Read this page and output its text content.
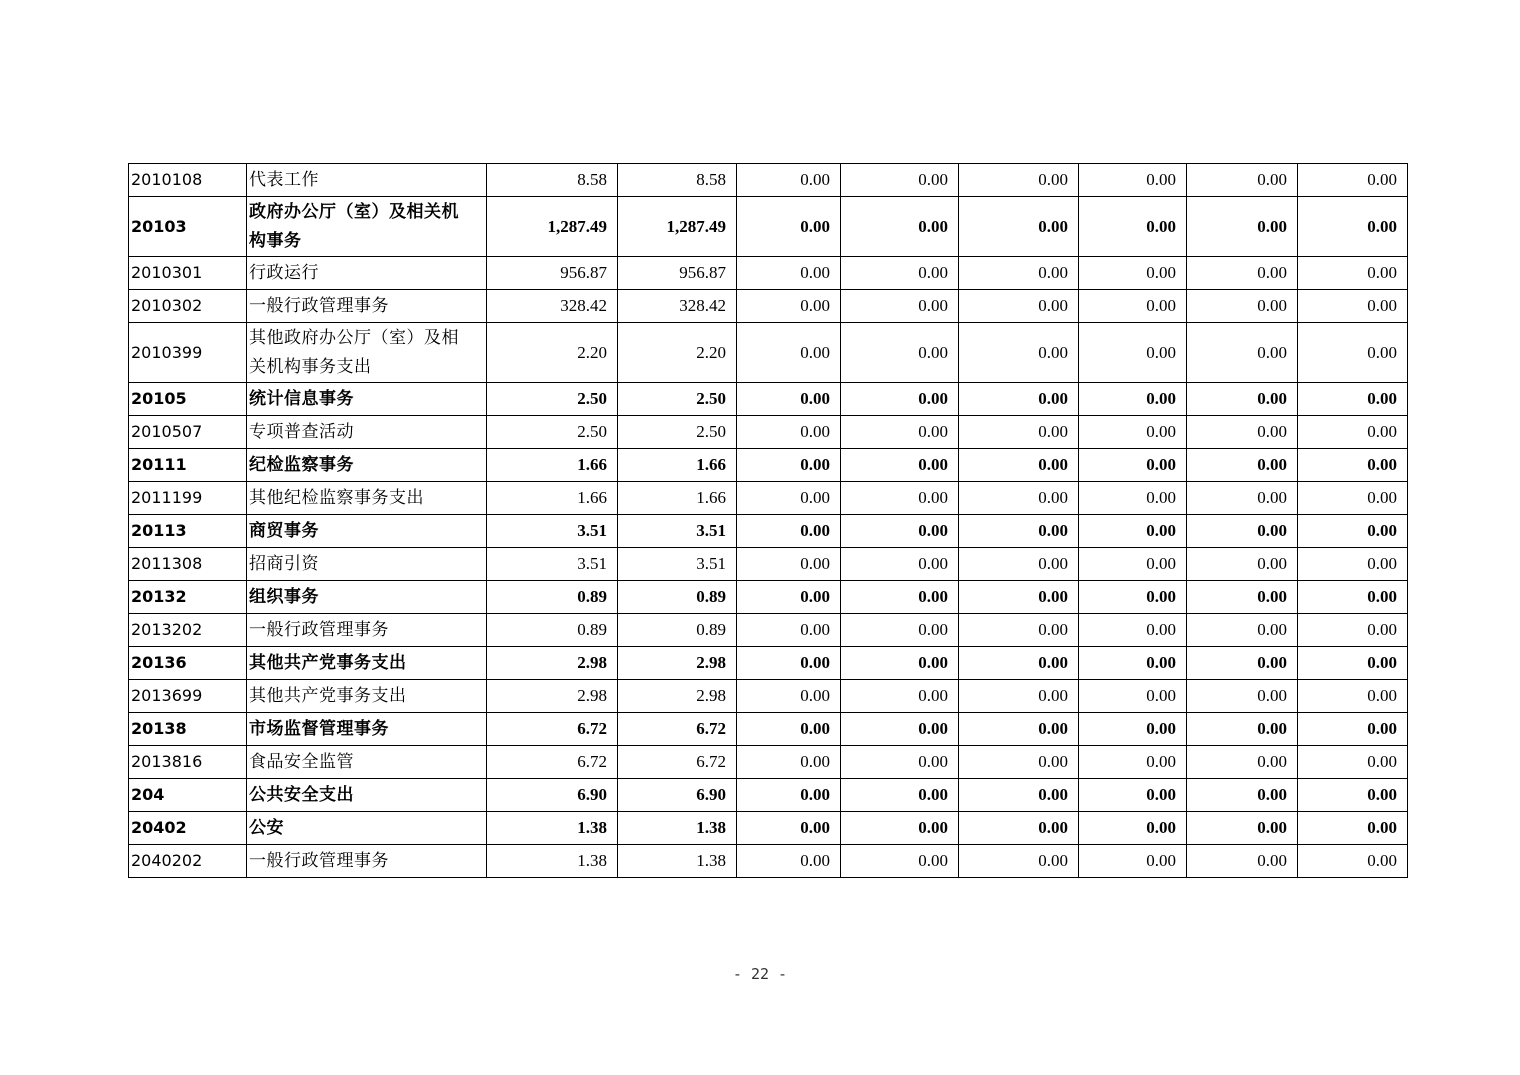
2010108	代表工作	8.58	8.58	0.00	0.00	0.00	0.00	0.00	0.00
20103	政府办公厅（室）及相关机构事务	1,287.49	1,287.49	0.00	0.00	0.00	0.00	0.00	0.00
2010301	行政运行	956.87	956.87	0.00	0.00	0.00	0.00	0.00	0.00
2010302	一般行政管理事务	328.42	328.42	0.00	0.00	0.00	0.00	0.00	0.00
2010399	其他政府办公厅（室）及相关机构事务支出	2.20	2.20	0.00	0.00	0.00	0.00	0.00	0.00
20105	统计信息事务	2.50	2.50	0.00	0.00	0.00	0.00	0.00	0.00
2010507	专项普查活动	2.50	2.50	0.00	0.00	0.00	0.00	0.00	0.00
20111	纪检监察事务	1.66	1.66	0.00	0.00	0.00	0.00	0.00	0.00
2011199	其他纪检监察事务支出	1.66	1.66	0.00	0.00	0.00	0.00	0.00	0.00
20113	商贸事务	3.51	3.51	0.00	0.00	0.00	0.00	0.00	0.00
2011308	招商引资	3.51	3.51	0.00	0.00	0.00	0.00	0.00	0.00
20132	组织事务	0.89	0.89	0.00	0.00	0.00	0.00	0.00	0.00
2013202	一般行政管理事务	0.89	0.89	0.00	0.00	0.00	0.00	0.00	0.00
20136	其他共产党事务支出	2.98	2.98	0.00	0.00	0.00	0.00	0.00	0.00
2013699	其他共产党事务支出	2.98	2.98	0.00	0.00	0.00	0.00	0.00	0.00
20138	市场监督管理事务	6.72	6.72	0.00	0.00	0.00	0.00	0.00	0.00
2013816	食品安全监管	6.72	6.72	0.00	0.00	0.00	0.00	0.00	0.00
204	公共安全支出	6.90	6.90	0.00	0.00	0.00	0.00	0.00	0.00
20402	公安	1.38	1.38	0.00	0.00	0.00	0.00	0.00	0.00
2040202	一般行政管理事务	1.38	1.38	0.00	0.00	0.00	0.00	0.00	0.00
- 22 -
